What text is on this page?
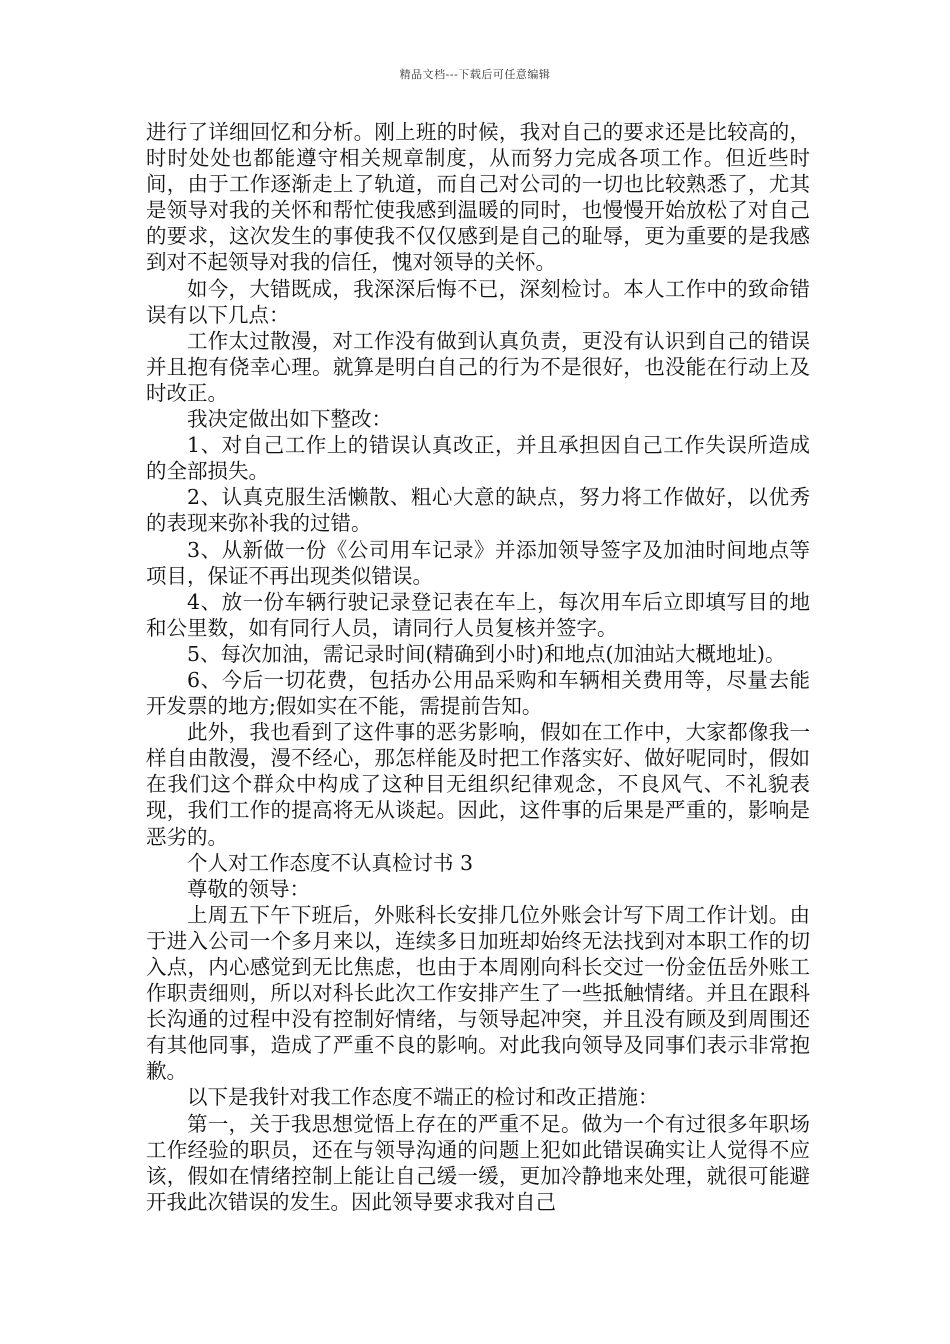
精品文档---下载后可任意编辑

进行了详细回忆和分析。刚上班的时候，我对自己的要求还是比较高的，时时处处也都能遵守相关规章制度，从而努力完成各项工作。但近些时间，由于工作逐渐走上了轨道，而自己对公司的一切也比较熟悉了，尤其是领导对我的关怀和帮忙使我感到温暖的同时，也慢慢开始放松了对自己的要求，这次发生的事使我不仅仅感到是自己的耻辱，更为重要的是我感到对不起领导对我的信任，愧对领导的关怀。

如今，大错既成，我深深后悔不已，深刻检讨。本人工作中的致命错误有以下几点：

工作太过散漫，对工作没有做到认真负责，更没有认识到自己的错误并且抱有侥幸心理。就算是明白自己的行为不是很好，也没能在行动上及时改正。

我决定做出如下整改：

1、对自己工作上的错误认真改正，并且承担因自己工作失误所造成的全部损失。

2、认真克服生活懒散、粗心大意的缺点，努力将工作做好，以优秀的表现来弥补我的过错。

3、从新做一份《公司用车记录》并添加领导签字及加油时间地点等项目，保证不再出现类似错误。

4、放一份车辆行驶记录登记表在车上，每次用车后立即填写目的地和公里数，如有同行人员，请同行人员复核并签字。

5、每次加油，需记录时间(精确到小时)和地点(加油站大概地址)。

6、今后一切花费，包括办公用品采购和车辆相关费用等，尽量去能开发票的地方;假如实在不能，需提前告知。

此外，我也看到了这件事的恶劣影响，假如在工作中，大家都像我一样自由散漫，漫不经心，那怎样能及时把工作落实好、做好呢同时，假如在我们这个群众中构成了这种目无组织纪律观念，不良风气、不礼貌表现，我们工作的提高将无从谈起。因此，这件事的后果是严重的，影响是恶劣的。

个人对工作态度不认真检讨书 3

尊敬的领导：

上周五下午下班后，外账科长安排几位外账会计写下周工作计划。由于进入公司一个多月来以，连续多日加班却始终无法找到对本职工作的切入点，内心感觉到无比焦虑，也由于本周刚向科长交过一份金伍岳外账工作职责细则，所以对科长此次工作安排产生了一些抵触情绪。并且在跟科长沟通的过程中没有控制好情绪，与领导起冲突，并且没有顾及到周围还有其他同事，造成了严重不良的影响。对此我向领导及同事们表示非常抱歉。

以下是我针对我工作态度不端正的检讨和改正措施：

第一，关于我思想觉悟上存在的严重不足。做为一个有过很多年职场工作经验的职员，还在与领导沟通的问题上犯如此错误确实让人觉得不应该，假如在情绪控制上能让自己缓一缓，更加冷静地来处理，就很可能避开我此次错误的发生。因此领导要求我对自己
